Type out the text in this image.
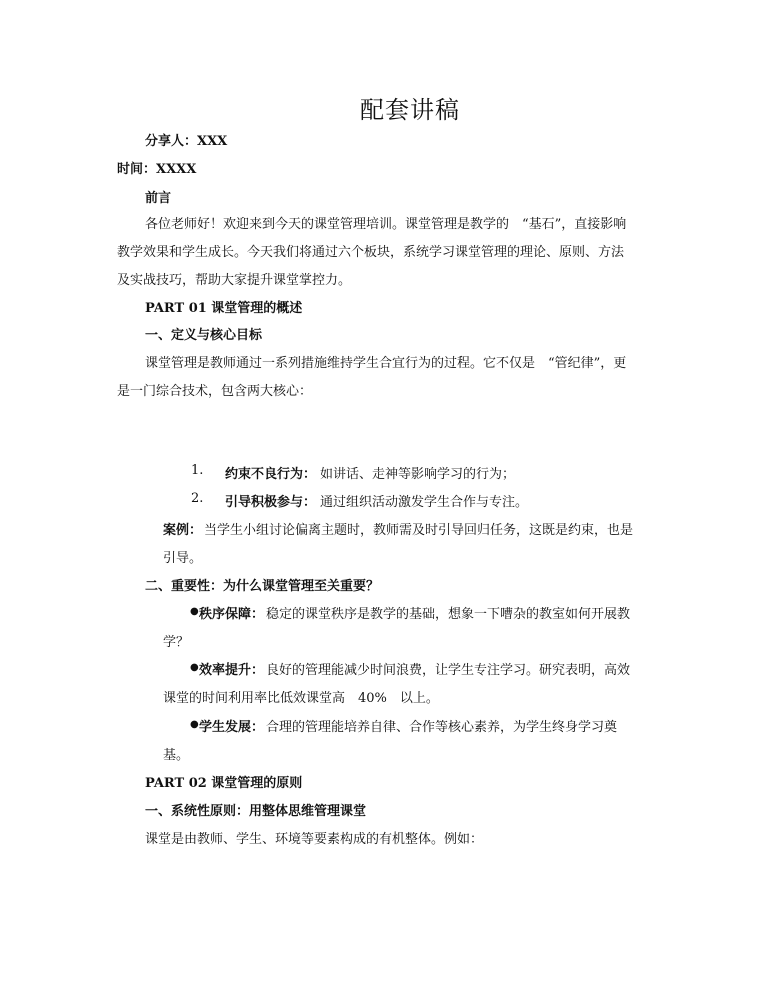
配套讲稿

分享人：XXX

时间：XXXX

前言

各位老师好！欢迎来到今天的课堂管理培训。课堂管理是教学的　“基石”，直接影响

教学效果和学生成长。今天我们将通过六个板块，系统学习课堂管理的理论、原则、方法

及实战技巧，帮助大家提升课堂掌控力。

PART 01 课堂管理的概述

一、定义与核心目标

课堂管理是教师通过一系列措施维持学生合宜行为的过程。它不仅是　“管纪律”，更

是一门综合技术，包含两大核心：

1. 约束不良行为： 如讲话、走神等影响学习的行为；
2. 引导积极参与： 通过组织活动激发学生合作与专注。
案例： 当学生小组讨论偏离主题时，教师需及时引导回归任务，这既是约束，也是
引导。

二、重要性：为什么课堂管理至关重要？

● 秩序保障： 稳定的课堂秩序是教学的基础，想象一下嘈杂的教室如何开展教
学？
● 效率提升： 良好的管理能减少时间浪费，让学生专注学习。研究表明，高效
课堂的时间利用率比低效课堂高　40%　以上。
● 学生发展： 合理的管理能培养自律、合作等核心素养，为学生终身学习奠
基。

PART 02 课堂管理的原则

一、系统性原则：用整体思维管理课堂

课堂是由教师、学生、环境等要素构成的有机整体。例如：
